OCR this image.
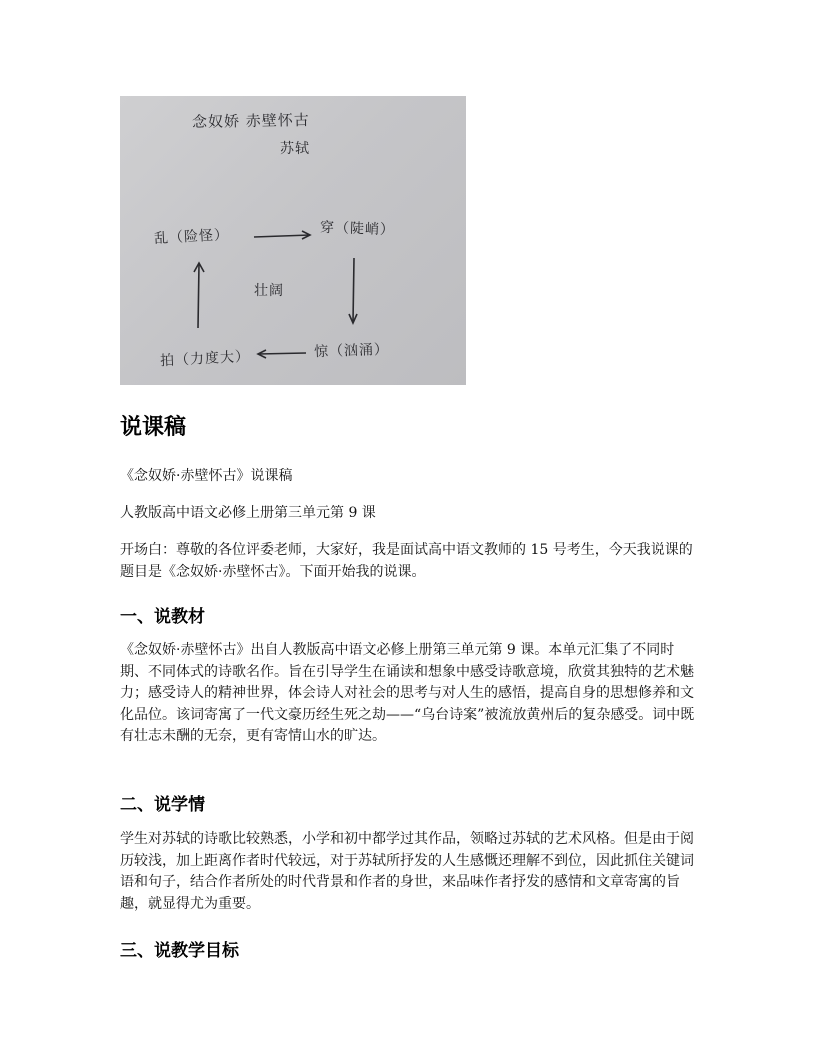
念奴娇 赤壁怀古
苏轼
乱（险怪）	穿（陡峭）
壮阔
惊（汹涌）
拍（力度大）
说课稿

《念奴娇·赤壁怀古》说课稿

人教版高中语文必修上册第三单元第 9 课

开场白：尊敬的各位评委老师，大家好，我是面试高中语文教师的 15 号考生，今天我说课的题目是《念奴娇·赤壁怀古》。下面开始我的说课。

一、说教材

《念奴娇·赤壁怀古》出自人教版高中语文必修上册第三单元第 9 课。本单元汇集了不同时期、不同体式的诗歌名作。旨在引导学生在诵读和想象中感受诗歌意境，欣赏其独特的艺术魅力；感受诗人的精神世界，体会诗人对社会的思考与对人生的感悟，提高自身的思想修养和文化品位。该词寄寓了一代文豪历经生死之劫——“乌台诗案”被流放黄州后的复杂感受。词中既有壮志未酬的无奈，更有寄情山水的旷达。

二、说学情

学生对苏轼的诗歌比较熟悉，小学和初中都学过其作品，领略过苏轼的艺术风格。但是由于阅历较浅，加上距离作者时代较远，对于苏轼所抒发的人生感慨还理解不到位，因此抓住关键词语和句子，结合作者所处的时代背景和作者的身世，来品味作者抒发的感情和文章寄寓的旨趣，就显得尤为重要。

三、说教学目标
